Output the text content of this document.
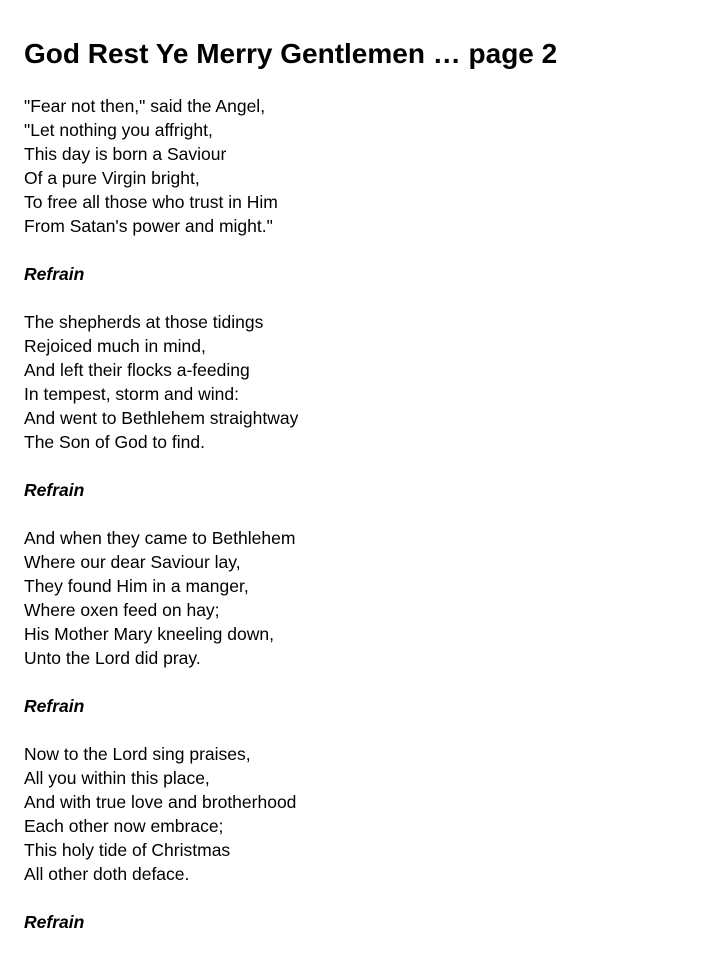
God Rest Ye Merry Gentlemen … page 2
"Fear not then," said the Angel,
"Let nothing you affright,
This day is born a Saviour
Of a pure Virgin bright,
To free all those who trust in Him
From Satan's power and might."
Refrain
The shepherds at those tidings
Rejoiced much in mind,
And left their flocks a-feeding
In tempest, storm and wind:
And went to Bethlehem straightway
The Son of God to find.
Refrain
And when they came to Bethlehem
Where our dear Saviour lay,
They found Him in a manger,
Where oxen feed on hay;
His Mother Mary kneeling down,
Unto the Lord did pray.
Refrain
Now to the Lord sing praises,
All you within this place,
And with true love and brotherhood
Each other now embrace;
This holy tide of Christmas
All other doth deface.
Refrain
